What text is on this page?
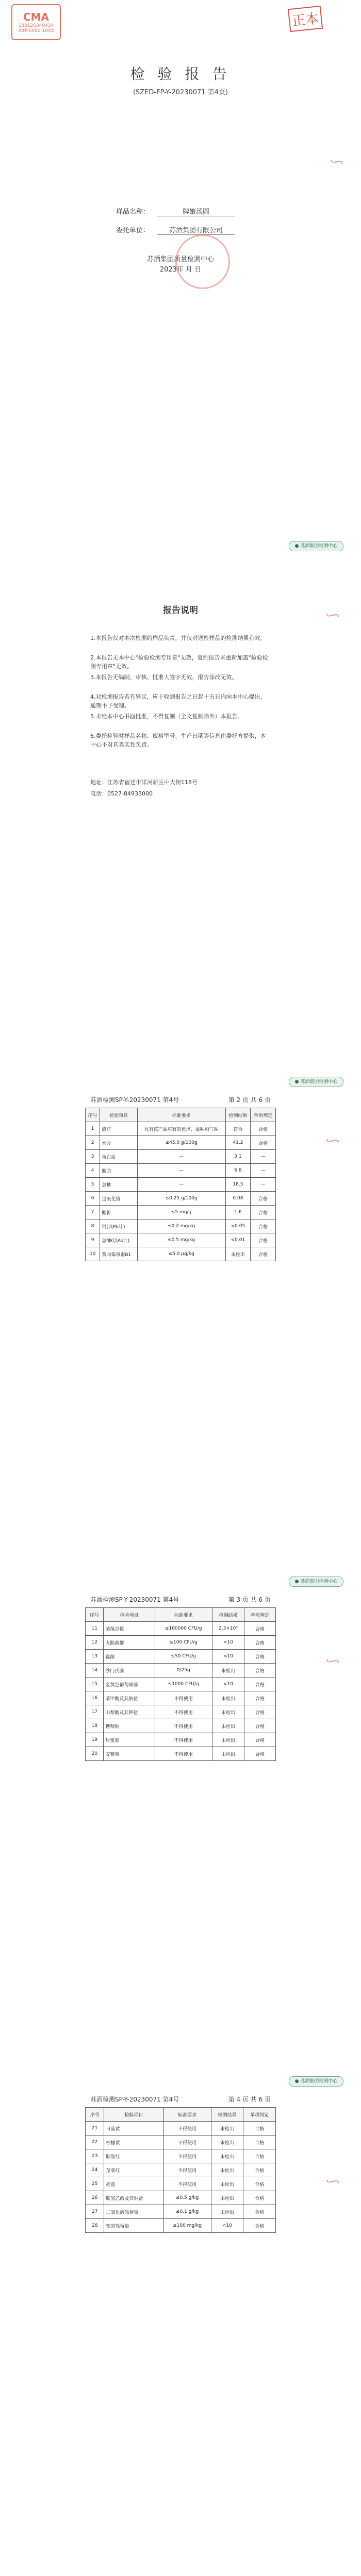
CMA
180120340434
400-0000-1001
正本
检 验 报 告
(SZED-FP-Y-20230071 第4页)
样品名称：	牌娘汤圆
委托单位：	苏酒集团有限公司
苏酒集团质量检测中心
2023年 月 日
∫
● 苏酒集团检测中心
报告说明
1.本报告仅对本次检测的样品负责，并仅对送检样品的检测结果有效。
2.本报告无本中心"检验检测专用章"无效，复制报告未重新加盖"检验检测专用章"无效。
3.本报告无编制、审核、批准人签字无效，报告涂改无效。
4.对检测报告若有异议，应于收到报告之日起十五日内向本中心提出，逾期不予受理。
5.未经本中心书面批准，不得复制（全文复制除外）本报告。
6.委托检验时样品名称、规格型号、生产日期等信息由委托方提供，本中心不对其真实性负责。
地址：江苏省宿迁市洋河新区中大街118号
电话：0527-84933000
∫
● 苏酒集团检测中心
苏酒检测SP-Y-20230071 第4号	第 2 页 共 6 页
序号	检验项目	标准要求	检测结果	单项判定
1	感官	具有该产品应有的色泽、滋味和气味	符合	合格
2	水分	≤45.0 g/100g	41.2	合格
3	蛋白质	—	3.1	—
4	脂肪	—	6.8	—
5	总糖	—	18.5	—
6	过氧化值	≤0.25 g/100g	0.08	合格
7	酸价	≤5 mg/g	1.6	合格
8	铅(以Pb计)	≤0.2 mg/kg	<0.05	合格
9	总砷(以As计)	≤0.5 mg/kg	<0.01	合格
10	黄曲霉毒素B1	≤5.0 μg/kg	未检出	合格
∫
● 苏酒集团检测中心
苏酒检测SP-Y-20230071 第4号	第 3 页 共 6 页
序号	检验项目	标准要求	检测结果	单项判定
11	菌落总数	≤100000 CFU/g	2.3×10³	合格
12	大肠菌群	≤100 CFU/g	<10	合格
13	霉菌	≤50 CFU/g	<10	合格
14	沙门氏菌	0/25g	未检出	合格
15	金黄色葡萄球菌	≤1000 CFU/g	<10	合格
16	苯甲酸及其钠盐	不得使用	未检出	合格
17	山梨酸及其钾盐	不得使用	未检出	合格
18	糖精钠	不得使用	未检出	合格
19	甜蜜素	不得使用	未检出	合格
20	安赛蜜	不得使用	未检出	合格
∫
● 苏酒集团检测中心
苏酒检测SP-Y-20230071 第4号	第 4 页 共 6 页
序号	检验项目	标准要求	检测结果	单项判定
21	日落黄	不得使用	未检出	合格
22	柠檬黄	不得使用	未检出	合格
23	胭脂红	不得使用	未检出	合格
24	苋菜红	不得使用	未检出	合格
25	亮蓝	不得使用	未检出	合格
26	脱氢乙酸及其钠盐	≤0.5 g/kg	未检出	合格
27	二氧化硫残留量	≤0.1 g/kg	未检出	合格
28	铝的残留量	≤100 mg/kg	<10	合格
∫
